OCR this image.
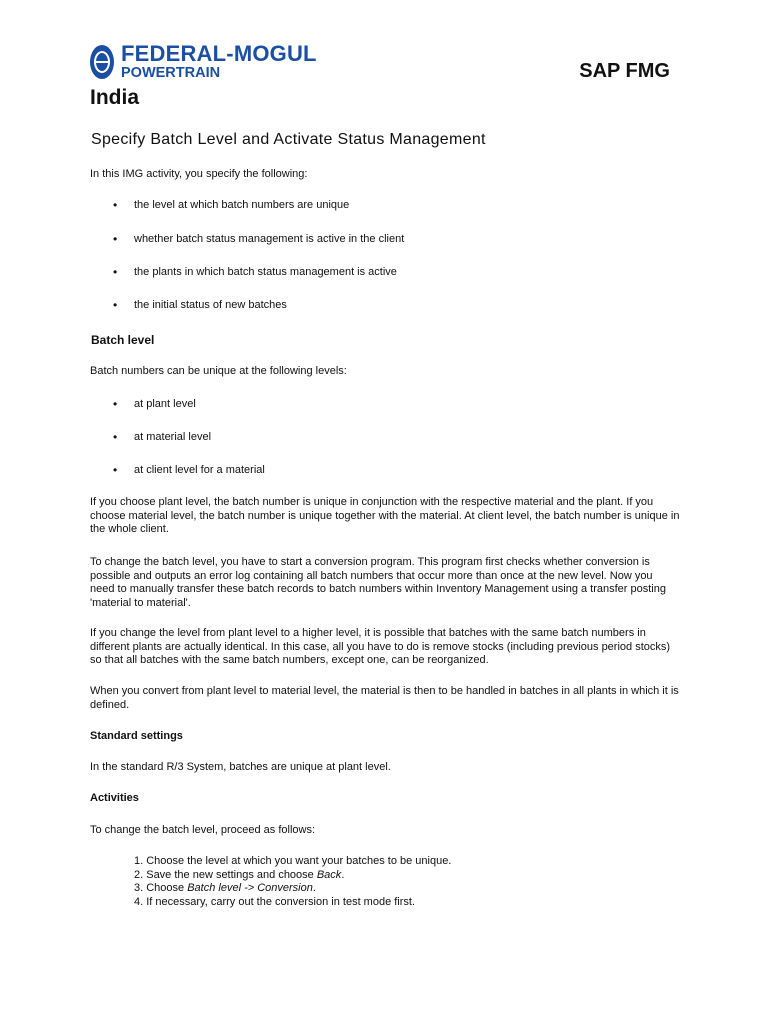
FEDERAL-MOGUL
POWERTRAIN	SAP FMG
India
Specify Batch Level and Activate Status Management
In this IMG activity, you specify the following:
• the level at which batch numbers are unique
• whether batch status management is active in the client
• the plants in which batch status management is active
• the initial status of new batches
Batch level
Batch numbers can be unique at the following levels:
• at plant level
• at material level
• at client level for a material
If you choose plant level, the batch number is unique in conjunction with the respective material and the plant. If you choose material level, the batch number is unique together with the material. At client level, the batch number is unique in the whole client.
To change the batch level, you have to start a conversion program. This program first checks whether conversion is possible and outputs an error log containing all batch numbers that occur more than once at the new level. Now you need to manually transfer these batch records to batch numbers within Inventory Management using a transfer posting 'material to material'.
If you change the level from plant level to a higher level, it is possible that batches with the same batch numbers in different plants are actually identical. In this case, all you have to do is remove stocks (including previous period stocks) so that all batches with the same batch numbers, except one, can be reorganized.
When you convert from plant level to material level, the material is then to be handled in batches in all plants in which it is defined.
Standard settings
In the standard R/3 System, batches are unique at plant level.
Activities
To change the batch level, proceed as follows:
1. Choose the level at which you want your batches to be unique.
2. Save the new settings and choose Back.
3. Choose Batch level -> Conversion.
4. If necessary, carry out the conversion in test mode first.
